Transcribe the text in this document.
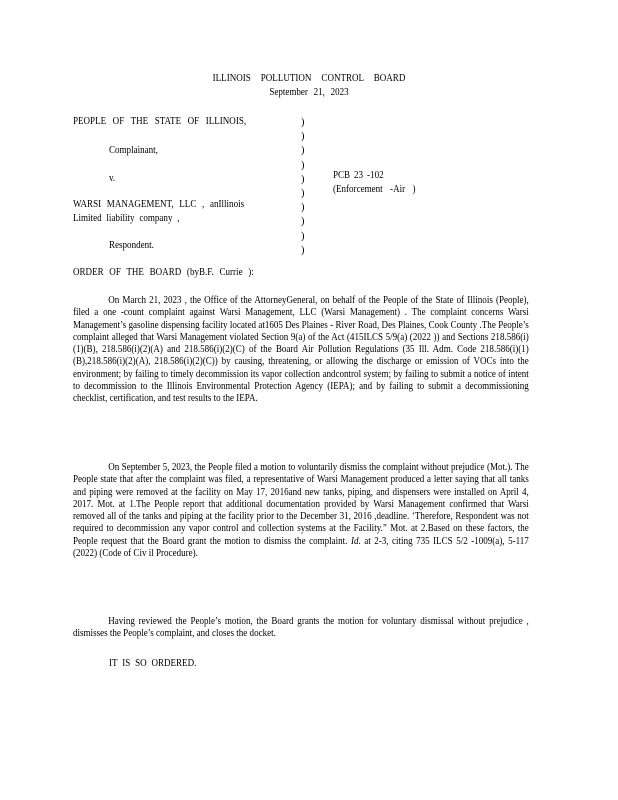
ILLINOIS POLLUTION CONTROL BOARD
September 21, 2023
PEOPLE OF THE STATE OF ILLINOIS,
Complainant,
v.
WARSI MANAGEMENT, LLC , anIllinois
Limited liability company ,
Respondent.
)
)
)
)
)
)
)
)
)
)
PCB 23 -102
(Enforcement -Air )
ORDER OF THE BOARD (byB.F. Currie ):
On March 21, 2023 , the Office of the AttorneyGeneral, on behalf of the People of the State of Illinois (People), filed a one -count complaint against Warsi Management, LLC (Warsi Management) . The complaint concerns Warsi Management’s gasoline dispensing facility located at1605 Des Plaines - River Road, Des Plaines, Cook County .The People’s complaint alleged that Warsi Management violated Section 9(a) of the Act (415ILCS 5/9(a) (2022 )) and Sections 218.586(i)(1)(B), 218.586(i)(2)(A) and 218.586(i)(2)(C) of the Board Air Pollution Regulations (35 Ill. Adm. Code 218.586(i)(1)(B),218.586(i)(2)(A), 218.586(i)(2)(C)) by causing, threatening, or allowing the discharge or emission of VOCs into the environment; by failing to timely decommission its vapor collection andcontrol system; by failing to submit a notice of intent to decommission to the Illinois Environmental Protection Agency (IEPA); and by failing to submit a decommissioning checklist, certification, and test results to the IEPA.
On September 5, 2023, the People filed a motion to voluntarily dismiss the complaint without prejudice (Mot.). The People state that after the complaint was filed, a representative of Warsi Management produced a letter saying that all tanks and piping were removed at the facility on May 17, 2016and new tanks, piping, and dispensers were installed on April 4, 2017. Mot. at 1.The People report that additional documentation provided by Warsi Management confirmed that Warsi removed all of the tanks and piping at the facility prior to the December 31, 2016 ,deadline. ‘Therefore, Respondent was not required to decommission any vapor control and collection systems at the Facility.” Mot. at 2.Based on these factors, the People request that the Board grant the motion to dismiss the complaint. Id. at 2-3, citing 735 ILCS 5/2 -1009(a), 5-117 (2022) (Code of Civ il Procedure).
Having reviewed the People’s motion, the Board grants the motion for voluntary dismissal without prejudice , dismisses the People’s complaint, and closes the docket.
IT IS SO ORDERED.
